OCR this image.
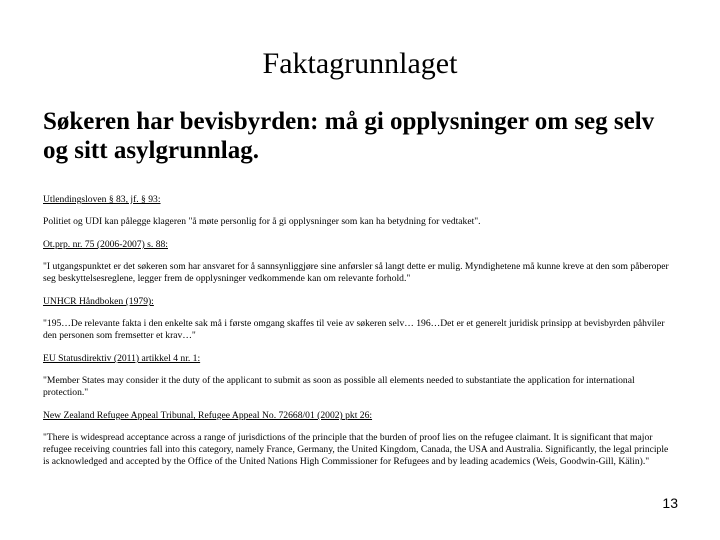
Faktagrunnlaget
Søkeren har bevisbyrden: må gi opplysninger om seg selv og sitt asylgrunnlag.
Utlendingsloven § 83, jf. § 93:
Politiet og UDI kan pålegge klageren "å møte personlig for å gi opplysninger som kan ha betydning for vedtaket".
Ot.prp. nr. 75 (2006-2007) s. 88:
"I utgangspunktet er det søkeren som har ansvaret for å sannsynliggjøre sine anførsler så langt dette er mulig. Myndighetene må kunne kreve at den som påberoper seg beskyttelsesreglene, legger frem de opplysninger vedkommende kan om relevante forhold."
UNHCR Håndboken (1979):
"195…De relevante fakta i den enkelte sak må i første omgang skaffes til veie av søkeren selv… 196…Det er et generelt juridisk prinsipp at bevisbyrden påhviler den personen som fremsetter et krav…"
EU Statusdirektiv (2011) artikkel 4 nr. 1:
"Member States may consider it the duty of the applicant to submit as soon as possible all elements needed to substantiate the application for international protection."
New Zealand Refugee Appeal Tribunal, Refugee Appeal No. 72668/01 (2002) pkt 26:
"There is widespread acceptance across a range of jurisdictions of the principle that the burden of proof lies on the refugee claimant. It is significant that major refugee receiving countries fall into this category, namely France, Germany, the United Kingdom, Canada, the USA and Australia. Significantly, the legal principle is acknowledged and accepted by the Office of the United Nations High Commissioner for Refugees and by leading academics (Weis, Goodwin-Gill, Kälin)."
13
